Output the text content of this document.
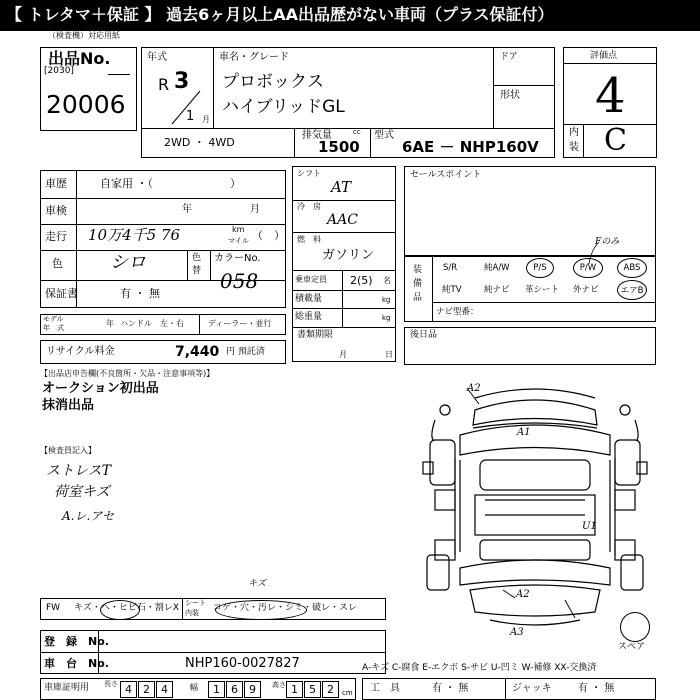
【 トレタマ＋保証 】 過去6ヶ月以上AA出品歴がない車両（プラス保証付）
（検査機）対応用紙
出品No.
[2030]
20006
年式
R 3
1 月
車名・グレード
プロボックス
ハイブリッドGL
ドア
形状
2WD ・ 4WD
排気量	cc
1500
型式
6AE － NHP160V
評価点
4
内
装 C
車歴	自家用 ・（　　　　　　　）
車検	年	月
走行 10万4千5 76	km
マイル （　）
色	シロ	色
替
カラーNo.
058
保証書	有 ・ 無
モデル
年　式	年 ハンドル　左・右	ディーラー・並行
リサイクル料金	7,440 円 預託済
シフト
AT
冷　房
AAC
燃　料
ガソリン
乗車定員 2(5) 名
積載量	kg
総重量	kg
書類期限
月	日
セールスポイント
装
備
品
S/R	純A/W	P/S	P/W	ABS
純TV	純ナビ 革シート 外ナビ	エアB
ナビ型番：
Fのみ
後日品
【出品店申告欄(不良箇所・欠品・注意事項等)】
オークション初出品
抹消出品
【検査員記入】
ストレスT
荷室キズ
A.レ.アセ
A2
A1
U1
A2
A3
スペア
FW キズ・ヘ・ヒビ石・割レX シート
内装 コゲ・穴・汚レ・シミ・破レ・スレ
キズ
登　録　No.
車　台　No.	NHP160-0027827	A-キズ C-腐食 E-エクボ S-サビ U-凹ミ W-補修 XX-交換済
車庫証明用 長さ 4	2	4	幅	1	6	9	高さ 1	5	2	cm 工　具	有 ・ 無	ジャッキ	有 ・ 無
